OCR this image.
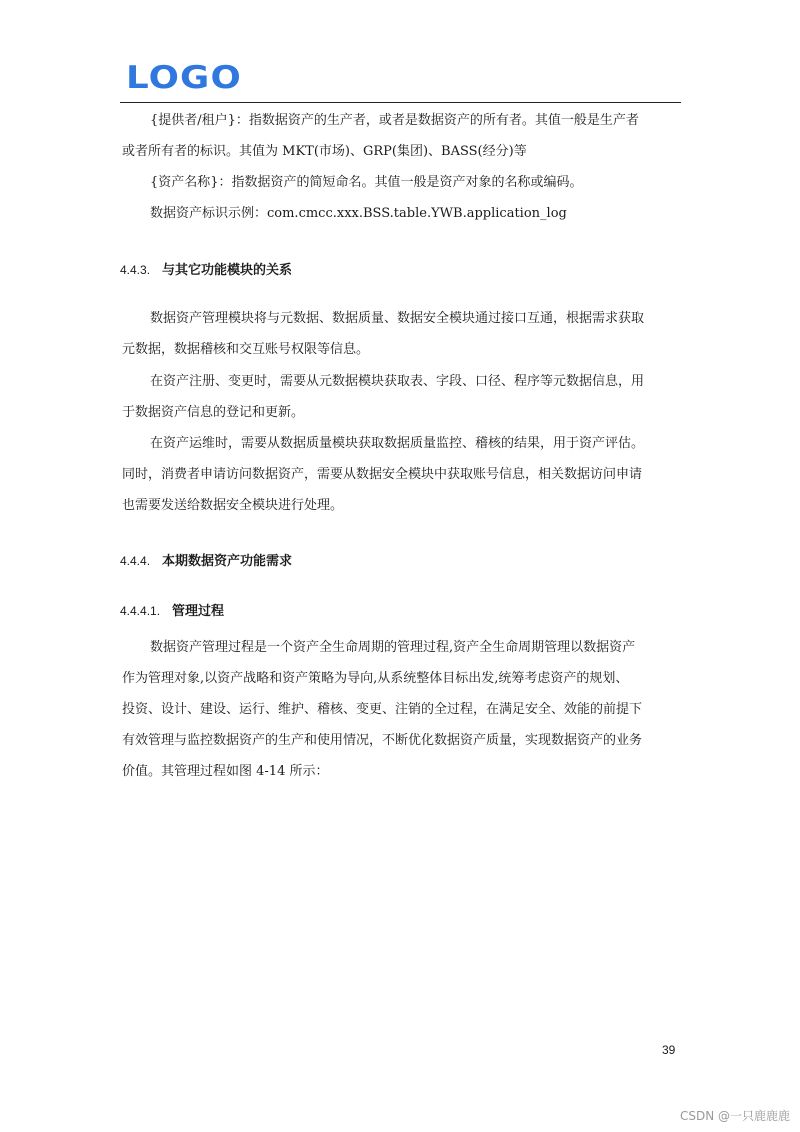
LOGO
{提供者/租户}：指数据资产的生产者，或者是数据资产的所有者。其值一般是生产者
或者所有者的标识。其值为 MKT(市场)、GRP(集团)、BASS(经分)等
{资产名称}：指数据资产的简短命名。其值一般是资产对象的名称或编码。
数据资产标识示例：com.cmcc.xxx.BSS.table.YWB.application_log
4.4.3. 与其它功能模块的关系
数据资产管理模块将与元数据、数据质量、数据安全模块通过接口互通，根据需求获取
元数据，数据稽核和交互账号权限等信息。
在资产注册、变更时，需要从元数据模块获取表、字段、口径、程序等元数据信息，用
于数据资产信息的登记和更新。
在资产运维时，需要从数据质量模块获取数据质量监控、稽核的结果，用于资产评估。
同时，消费者申请访问数据资产，需要从数据安全模块中获取账号信息，相关数据访问申请
也需要发送给数据安全模块进行处理。
4.4.4. 本期数据资产功能需求
4.4.4.1. 管理过程
数据资产管理过程是一个资产全生命周期的管理过程,资产全生命周期管理以数据资产
作为管理对象,以资产战略和资产策略为导向,从系统整体目标出发,统筹考虑资产的规划、
投资、设计、建设、运行、维护、稽核、变更、注销的全过程，在满足安全、效能的前提下
有效管理与监控数据资产的生产和使用情况，不断优化数据资产质量，实现数据资产的业务
价值。其管理过程如图 4-14 所示：
39
CSDN @一只鹿鹿鹿
